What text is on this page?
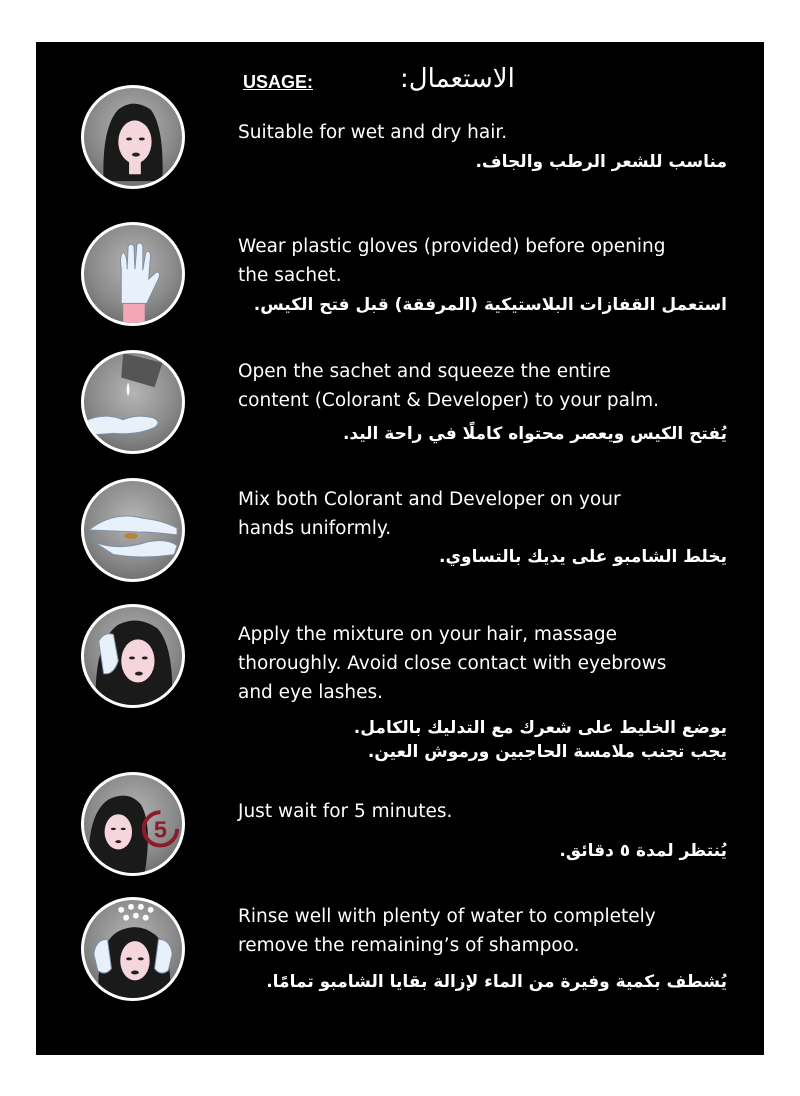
USAGE:	الاستعمال:
Suitable for wet and dry hair.
مناسب للشعر الرطب والجاف.
Wear plastic gloves (provided) before opening
the sachet.
استعمل القفازات البلاستيكية (المرفقة) قبل فتح الكيس.
Open the sachet and squeeze the entire
content (Colorant & Developer) to your palm.
يُفتح الكيس ويعصر محتواه كاملًا في راحة اليد.
Mix both Colorant and Developer on your
hands uniformly.
يخلط الشامبو على يديك بالتساوي.
Apply the mixture on your hair, massage
thoroughly. Avoid close contact with eyebrows
and eye lashes.
يوضع الخليط على شعرك مع التدليك بالكامل.
يجب تجنب ملامسة الحاجبين ورموش العين.
5
Just wait for 5 minutes.
يُنتظر لمدة ٥ دقائق.
Rinse well with plenty of water to completely
remove the remaining’s of shampoo.
يُشطف بكمية وفيرة من الماء لإزالة بقايا الشامبو تمامًا.
